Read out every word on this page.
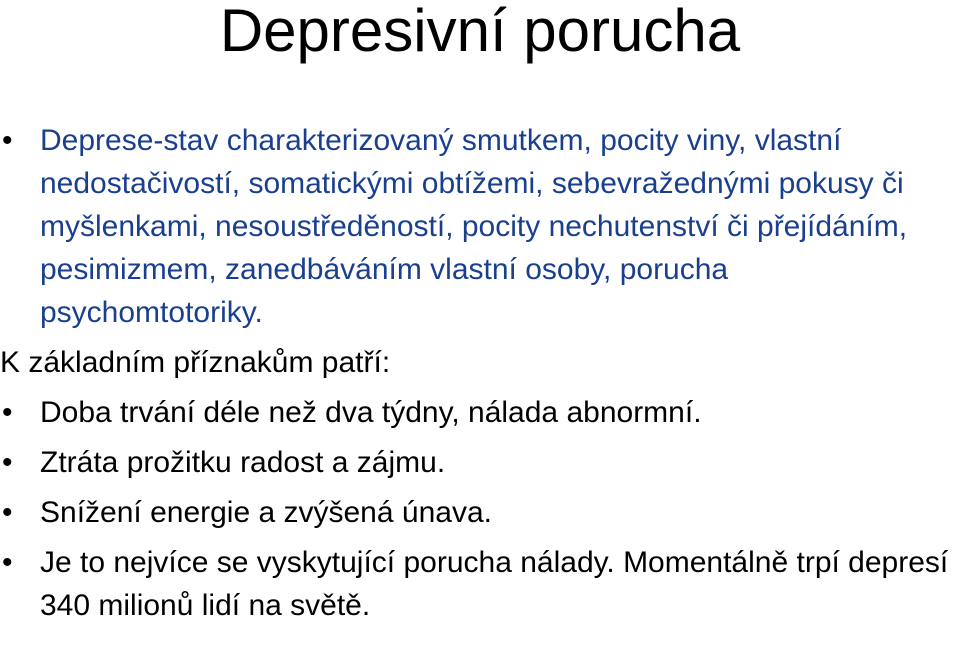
Depresivní porucha
• Deprese-stav charakterizovaný smutkem, pocity viny, vlastní nedostačivostí, somatickými obtížemi, sebevražednými pokusy či myšlenkami, nesoustředěností, pocity nechutenství či přejídáním, pesimizmem, zanedbáváním vlastní osoby, porucha psychomtotoriky.
K základním příznakům patří:
• Doba trvání déle než dva týdny, nálada abnormní.
• Ztráta prožitku radost a zájmu.
• Snížení energie a zvýšená únava.
• Je to nejvíce se vyskytující porucha nálady. Momentálně trpí depresí 340 milionů lidí na světě.
